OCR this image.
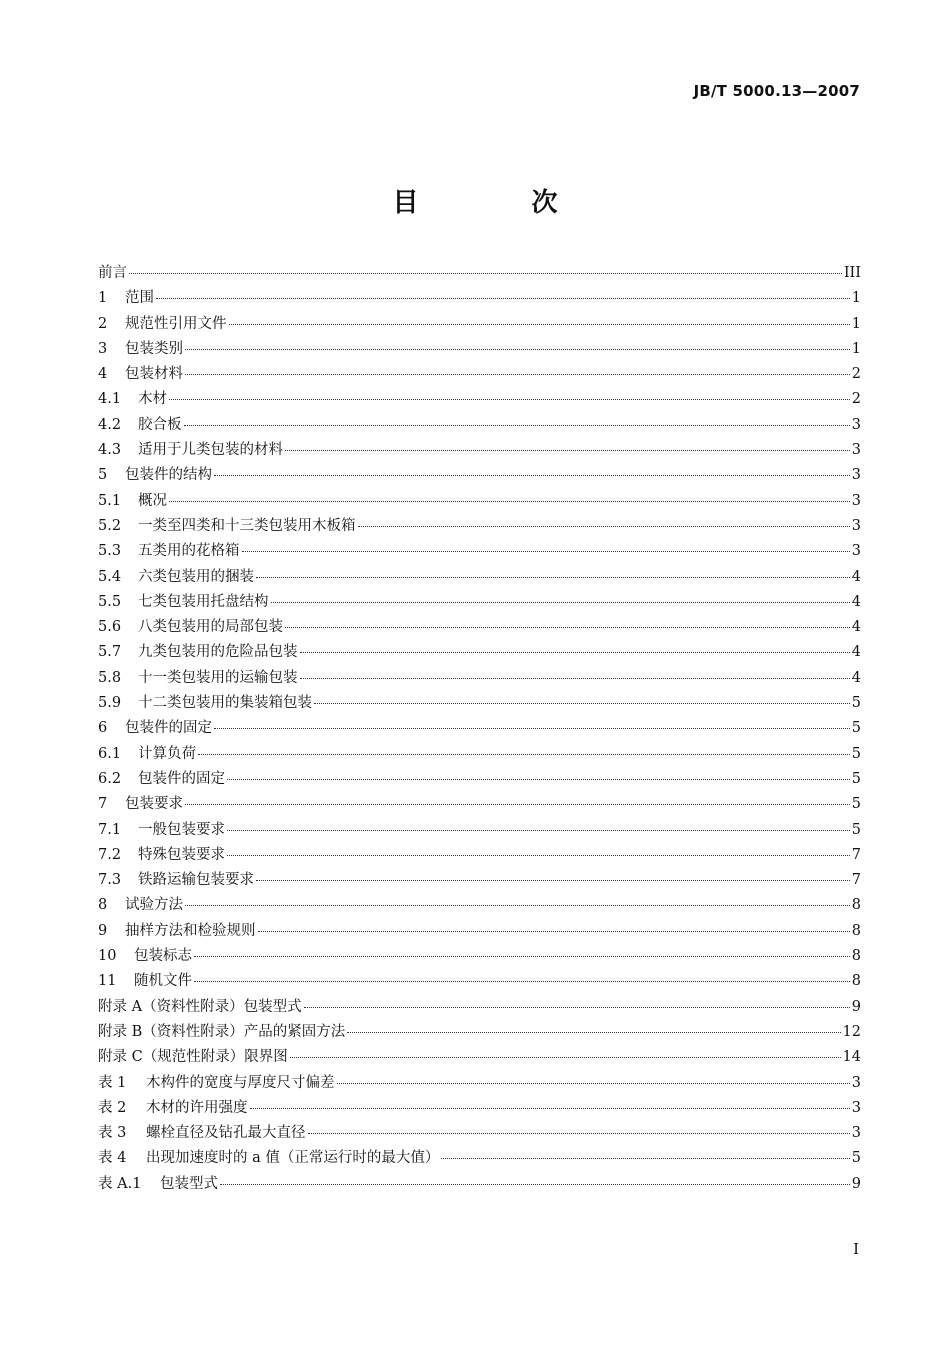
JB/T 5000.13—2007
目 次
前言	III
1	范围	1
2	规范性引用文件	1
3	包装类别	1
4	包装材料	2
4.1	木材	2
4.2	胶合板	3
4.3	适用于儿类包装的材料	3
5	包装件的结构	3
5.1	概况	3
5.2	一类至四类和十三类包装用木板箱	3
5.3	五类用的花格箱	3
5.4	六类包装用的捆装	4
5.5	七类包装用托盘结构	4
5.6	八类包装用的局部包装	4
5.7	九类包装用的危险品包装	4
5.8	十一类包装用的运输包装	4
5.9	十二类包装用的集装箱包装	5
6	包装件的固定	5
6.1	计算负荷	5
6.2	包装件的固定	5
7	包装要求	5
7.1	一般包装要求	5
7.2	特殊包装要求	7
7.3	铁路运输包装要求	7
8	试验方法	8
9	抽样方法和检验规则	8
10	包装标志	8
11	随机文件	8
附录 A（资料性附录）包装型式	9
附录 B（资料性附录）产品的紧固方法	12
附录 C（规范性附录）限界图	14
表 1	木构件的宽度与厚度尺寸偏差	3
表 2	木材的许用强度	3
表 3	螺栓直径及钻孔最大直径	3
表 4	出现加速度时的 a 值（正常运行时的最大值）	5
表 A.1	包装型式	9
I
